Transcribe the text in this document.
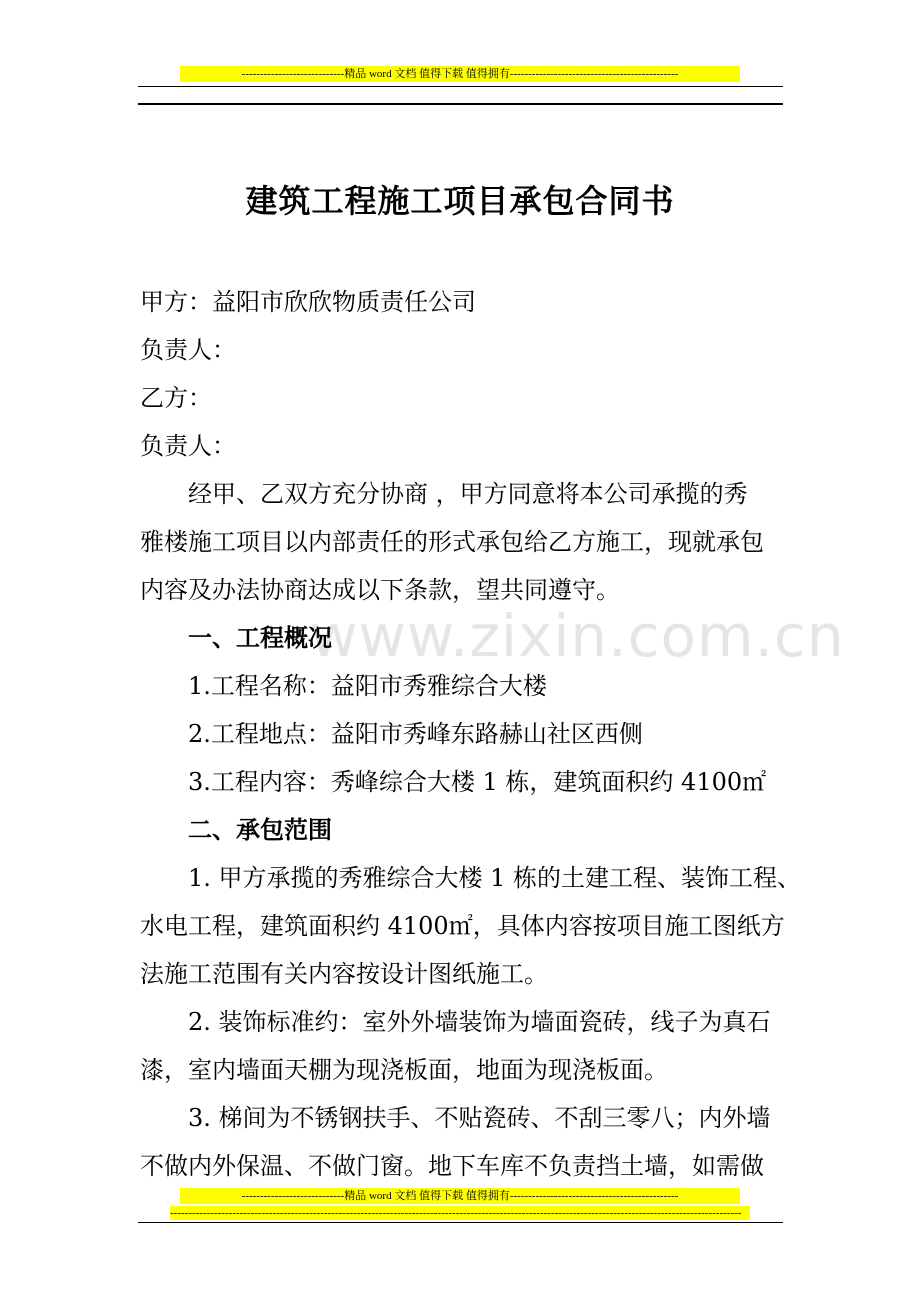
----------------------------精品 word 文档 值得下载 值得拥有----------------------------------------------
www.zixin.com.cn
建筑工程施工项目承包合同书
甲方：益阳市欣欣物质责任公司
负责人：
乙方：
负责人：
经甲、乙双方充分协商 ，甲方同意将本公司承揽的秀
雅楼施工项目以内部责任的形式承包给乙方施工，现就承包
内容及办法协商达成以下条款，望共同遵守。
一、工程概况
1.工程名称：益阳市秀雅综合大楼
2.工程地点：益阳市秀峰东路赫山社区西侧
3.工程内容：秀峰综合大楼 1 栋，建筑面积约 4100㎡
二、承包范围
1. 甲方承揽的秀雅综合大楼 1 栋的土建工程、装饰工程、
水电工程，建筑面积约 4100㎡，具体内容按项目施工图纸方
法施工范围有关内容按设计图纸施工。
2. 装饰标准约：室外外墙装饰为墙面瓷砖，线子为真石
漆，室内墙面天棚为现浇板面，地面为现浇板面。
3. 梯间为不锈钢扶手、不贴瓷砖、不刮三零八；内外墙
不做内外保温、不做门窗。地下车库不负责挡土墙，如需做
----------------------------精品 word 文档 值得下载 值得拥有----------------------------------------------
------------------------------------------------------------------------------------------------------------------------------------------------------------
